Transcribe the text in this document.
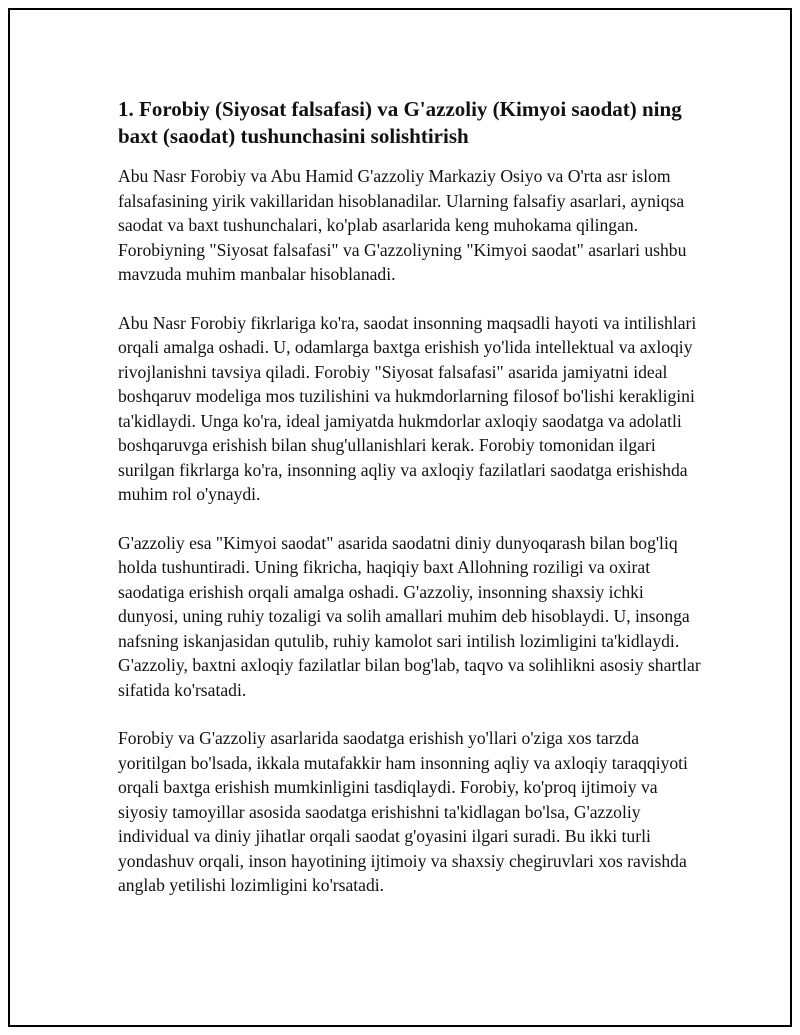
1. Forobiy (Siyosat falsafasi) va G'azzoliy (Kimyoi saodat) ning baxt (saodat) tushunchasini solishtirish

Abu Nasr Forobiy va Abu Hamid G'azzoliy Markaziy Osiyo va O'rta asr islom falsafasining yirik vakillaridan hisoblanadilar. Ularning falsafiy asarlari, ayniqsa saodat va baxt tushunchalari, ko'plab asarlarida keng muhokama qilingan. Forobiyning "Siyosat falsafasi" va G'azzoliyning "Kimyoi saodat" asarlari ushbu mavzuda muhim manbalar hisoblanadi.

Abu Nasr Forobiy fikrlariga ko'ra, saodat insonning maqsadli hayoti va intilishlari orqali amalga oshadi. U, odamlarga baxtga erishish yo'lida intellektual va axloqiy rivojlanishni tavsiya qiladi. Forobiy "Siyosat falsafasi" asarida jamiyatni ideal boshqaruv modeliga mos tuzilishini va hukmdorlarning filosof bo'lishi kerakligini ta'kidlaydi. Unga ko'ra, ideal jamiyatda hukmdorlar axloqiy saodatga va adolatli boshqaruvga erishish bilan shug'ullanishlari kerak. Forobiy tomonidan ilgari surilgan fikrlarga ko'ra, insonning aqliy va axloqiy fazilatlari saodatga erishishda muhim rol o'ynaydi.

G'azzoliy esa "Kimyoi saodat" asarida saodatni diniy dunyoqarash bilan bog'liq holda tushuntiradi. Uning fikricha, haqiqiy baxt Allohning roziligi va oxirat saodatiga erishish orqali amalga oshadi. G'azzoliy, insonning shaxsiy ichki dunyosi, uning ruhiy tozaligi va solih amallari muhim deb hisoblaydi. U, insonga nafsning iskanjasidan qutulib, ruhiy kamolot sari intilish lozimligini ta'kidlaydi. G'azzoliy, baxtni axloqiy fazilatlar bilan bog'lab, taqvo va solihlikni asosiy shartlar sifatida ko'rsatadi.

Forobiy va G'azzoliy asarlarida saodatga erishish yo'llari o'ziga xos tarzda yoritilgan bo'lsada, ikkala mutafakkir ham insonning aqliy va axloqiy taraqqiyoti orqali baxtga erishish mumkinligini tasdiqlaydi. Forobiy, ko'proq ijtimoiy va siyosiy tamoyillar asosida saodatga erishishni ta'kidlagan bo'lsa, G'azzoliy individual va diniy jihatlar orqali saodat g'oyasini ilgari suradi. Bu ikki turli yondashuv orqali, inson hayotining ijtimoiy va shaxsiy chegiruvlari xos ravishda anglab yetilishi lozimligini ko'rsatadi.
